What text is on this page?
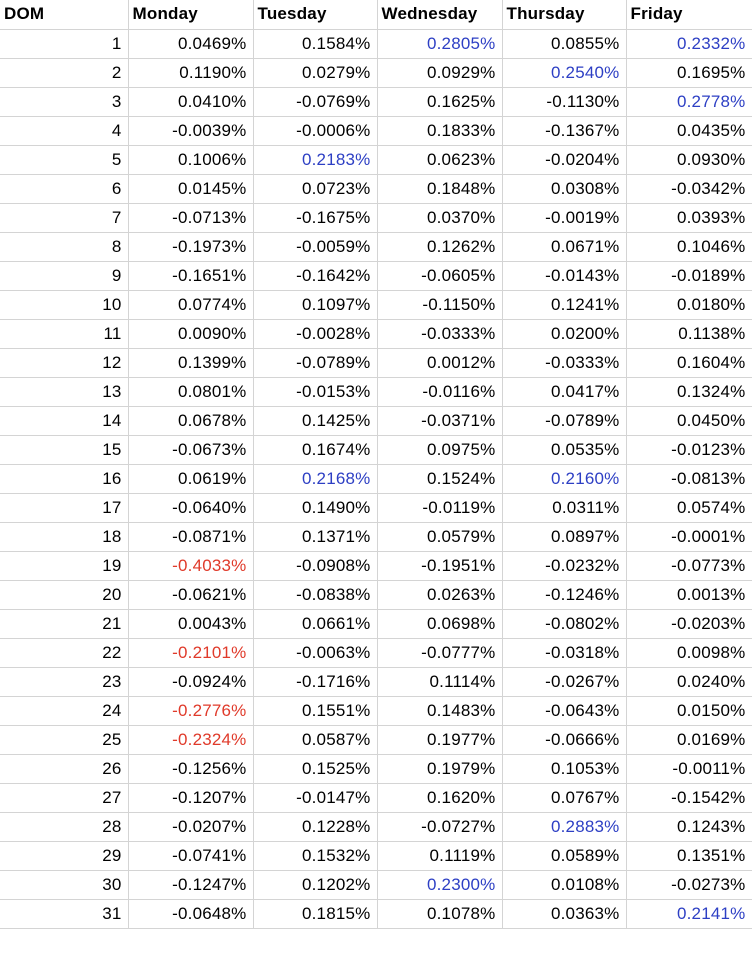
DOM	Monday	Tuesday	Wednesday	Thursday	Friday
1	0.0469%	0.1584%	0.2805%	0.0855%	0.2332%
2	0.1190%	0.0279%	0.0929%	0.2540%	0.1695%
3	0.0410%	-0.0769%	0.1625%	-0.1130%	0.2778%
4	-0.0039%	-0.0006%	0.1833%	-0.1367%	0.0435%
5	0.1006%	0.2183%	0.0623%	-0.0204%	0.0930%
6	0.0145%	0.0723%	0.1848%	0.0308%	-0.0342%
7	-0.0713%	-0.1675%	0.0370%	-0.0019%	0.0393%
8	-0.1973%	-0.0059%	0.1262%	0.0671%	0.1046%
9	-0.1651%	-0.1642%	-0.0605%	-0.0143%	-0.0189%
10	0.0774%	0.1097%	-0.1150%	0.1241%	0.0180%
11	0.0090%	-0.0028%	-0.0333%	0.0200%	0.1138%
12	0.1399%	-0.0789%	0.0012%	-0.0333%	0.1604%
13	0.0801%	-0.0153%	-0.0116%	0.0417%	0.1324%
14	0.0678%	0.1425%	-0.0371%	-0.0789%	0.0450%
15	-0.0673%	0.1674%	0.0975%	0.0535%	-0.0123%
16	0.0619%	0.2168%	0.1524%	0.2160%	-0.0813%
17	-0.0640%	0.1490%	-0.0119%	0.0311%	0.0574%
18	-0.0871%	0.1371%	0.0579%	0.0897%	-0.0001%
19	-0.4033%	-0.0908%	-0.1951%	-0.0232%	-0.0773%
20	-0.0621%	-0.0838%	0.0263%	-0.1246%	0.0013%
21	0.0043%	0.0661%	0.0698%	-0.0802%	-0.0203%
22	-0.2101%	-0.0063%	-0.0777%	-0.0318%	0.0098%
23	-0.0924%	-0.1716%	0.1114%	-0.0267%	0.0240%
24	-0.2776%	0.1551%	0.1483%	-0.0643%	0.0150%
25	-0.2324%	0.0587%	0.1977%	-0.0666%	0.0169%
26	-0.1256%	0.1525%	0.1979%	0.1053%	-0.0011%
27	-0.1207%	-0.0147%	0.1620%	0.0767%	-0.1542%
28	-0.0207%	0.1228%	-0.0727%	0.2883%	0.1243%
29	-0.0741%	0.1532%	0.1119%	0.0589%	0.1351%
30	-0.1247%	0.1202%	0.2300%	0.0108%	-0.0273%
31	-0.0648%	0.1815%	0.1078%	0.0363%	0.2141%
